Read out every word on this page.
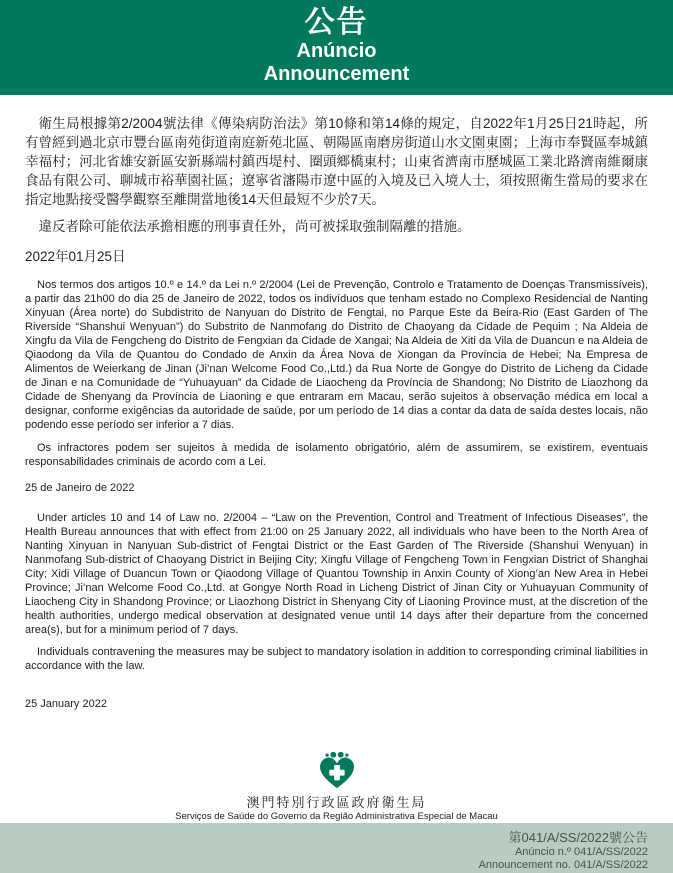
公告
Anúncio
Announcement

衛生局根據第2/2004號法律《傳染病防治法》第10條和第14條的規定，自2022年1月25日21時起，所有曾經到過北京市豐台區南苑街道南庭新苑北區、朝陽區南磨房街道山水文園東園；上海市奉賢區奉城鎮幸福村；河北省雄安新區安新縣端村鎮西堤村、圈頭鄉橋東村；山東省濟南市歷城區工業北路濟南維爾康食品有限公司、聊城市裕華園社區；遼寧省瀋陽市遼中區的入境及已入境人士，須按照衛生當局的要求在指定地點接受醫學觀察至離開當地後14天但最短不少於7天。

違反者除可能依法承擔相應的刑事責任外，尚可被採取強制隔離的措施。

2022年01月25日

Nos termos dos artigos 10.º e 14.º da Lei n.º 2/2004 (Lei de Prevenção, Controlo e Tratamento de Doenças Transmissíveis), a partir das 21h00 do dia 25 de Janeiro de 2022, todos os indivíduos que tenham estado no Complexo Residencial de Nanting Xinyuan (Área norte) do Subdistrito de Nanyuan do Distrito de Fengtai, no Parque Este da Beira-Rio (East Garden of The Riverside “Shanshui Wenyuan”) do Substrito de Nanmofang do Distrito de Chaoyang da Cidade de Pequim ; Na Aldeia de Xingfu da Vila de Fengcheng do Distrito de Fengxian da Cidade de Xangai; Na Aldeia de Xiti da Vila de Duancun e na Aldeia de Qiaodong da Vila de Quantou do Condado de Anxin da Área Nova de Xiongan da Província de Hebei; Na Empresa de Alimentos de Weierkang de Jinan (Ji’nan Welcome Food Co.,Ltd.) da Rua Norte de Gongye do Distrito de Licheng da Cidade de Jinan e na Comunidade de “Yuhuayuan” da Cidade de Liaocheng da Província de Shandong; No Distrito de Liaozhong da Cidade de Shenyang da Província de Liaoning e que entraram em Macau, serão sujeitos à observação médica em local a designar, conforme exigências da autoridade de saúde, por um período de 14 dias a contar da data de saída destes locais, não podendo esse período ser inferior a 7 dias.

Os infractores podem ser sujeitos à medida de isolamento obrigatório, além de assumirem, se existirem, eventuais responsabilidades criminais de acordo com a Lei.

25 de Janeiro de 2022

Under articles 10 and 14 of Law no. 2/2004 – “Law on the Prevention, Control and Treatment of Infectious Diseases”, the Health Bureau announces that with effect from 21:00 on 25 January 2022, all individuals who have been to the North Area of Nanting Xinyuan in Nanyuan Sub-district of Fengtai District or the East Garden of The Riverside (Shanshui Wenyuan) in Nanmofang Sub-district of Chaoyang District in Beijing City; Xingfu Village of Fengcheng Town in Fengxian District of Shanghai City; Xidi Village of Duancun Town or Qiaodong Village of Quantou Township in Anxin County of Xiong’an New Area in Hebei Province; Ji’nan Welcome Food Co.,Ltd. at Gongye North Road in Licheng District of Jinan City or Yuhuayuan Community of Liaocheng City in Shandong Province; or Liaozhong District in Shenyang City of Liaoning Province must, at the discretion of the health authorities, undergo medical observation at designated venue until 14 days after their departure from the concerned area(s), but for a minimum period of 7 days.

Individuals contravening the measures may be subject to mandatory isolation in addition to corresponding criminal liabilities in accordance with the law.

25 January 2022

澳門特別行政區政府衛生局
Serviços de Saúde do Governo da Região Administrativa Especial de Macau
第041/A/SS/2022號公告
Anúncio n.º 041/A/SS/2022
Announcement no. 041/A/SS/2022
